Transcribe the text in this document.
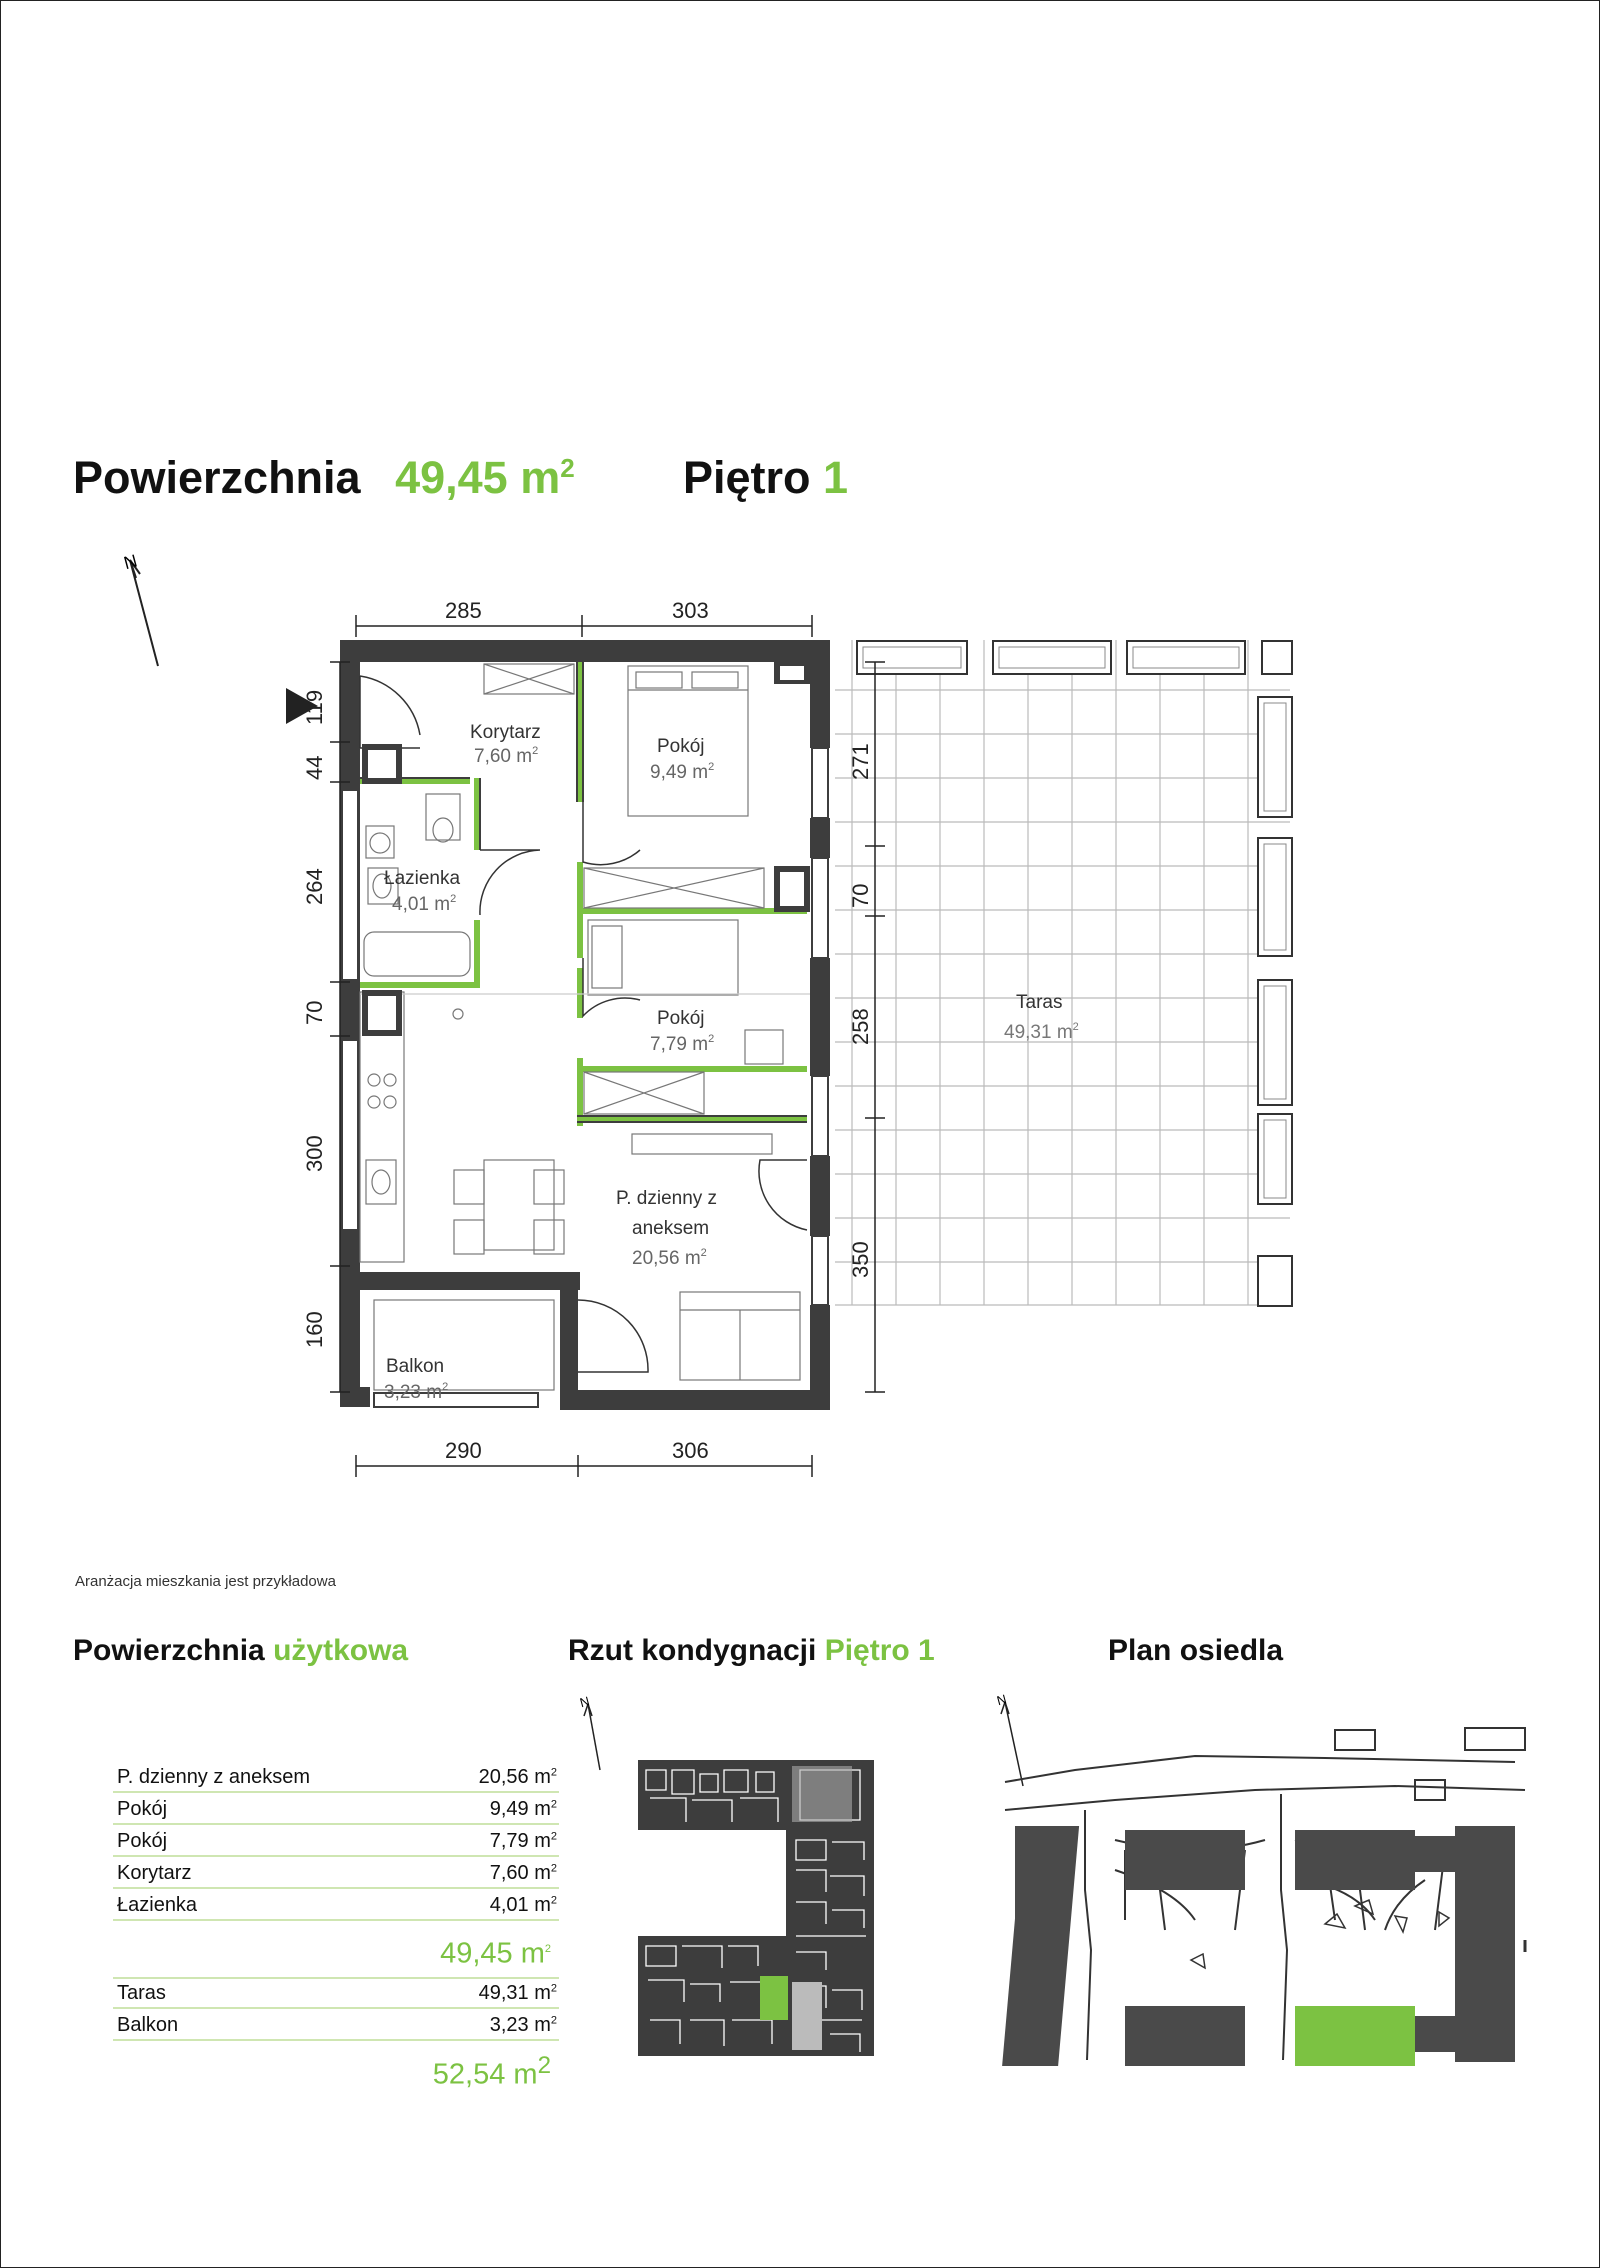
Powierzchnia 49,45 $m^2$ Piętro 1
N
285	303
290	306
119
44
264
70
300
160
271
70
258
350
Korytarz
7,60 $m^2$	Pokój
9,49 $m^2$
Łazienka
4,01 $m^2$
Pokój
7,79 $m^2$
P. dzienny z
aneksem
20,56 $m^2$
Balkon
3,23 $m^2$
Taras
49,31 $m^2$
Aranżacja mieszkania jest przykładowa
Powierzchnia użytkowa
P. dzienny z aneksem	20,56 $m^2$
Pokój	9,49 $m^2$
Pokój	7,79 $m^2$
Korytarz	7,60 $m^2$
Łazienka	4,01 $m^2$
49,45 $m^2$
Taras	49,31 $m^2$
Balkon	3,23 $m^2$
52,54 $m^2$
Rzut kondygnacji Piętro 1
N
Plan osiedla
N
